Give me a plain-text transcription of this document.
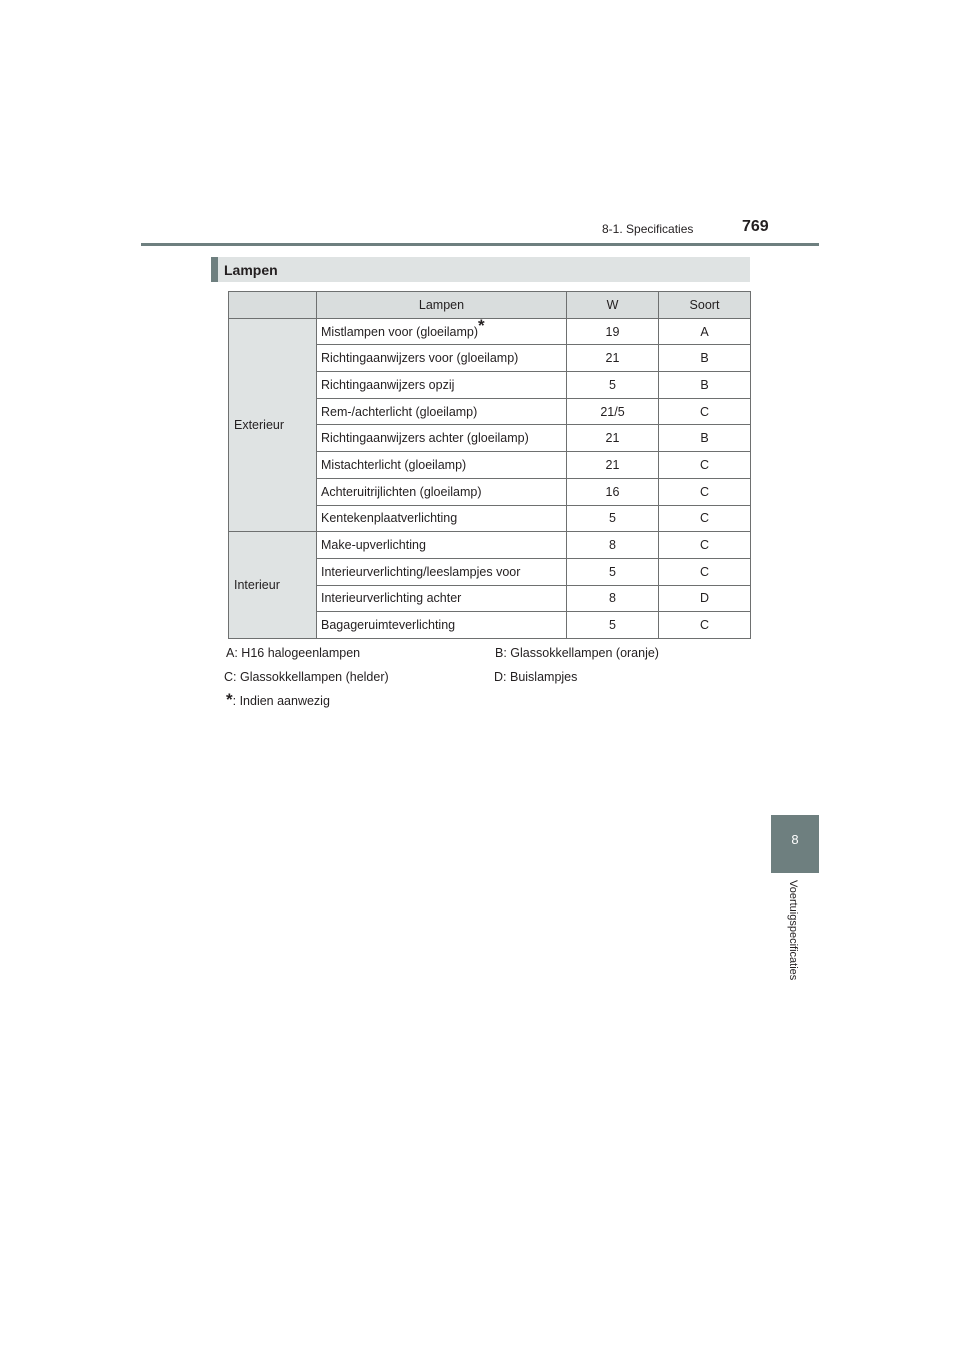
8-1. Specificaties	769
Lampen
	Lampen	W	Soort
Exterieur	Mistlampen voor (gloeilamp)*	19	A
	Richtingaanwijzers voor (gloeilamp)	21	B
	Richtingaanwijzers opzij	5	B
	Rem-/achterlicht (gloeilamp)	21/5	C
	Richtingaanwijzers achter (gloeilamp)	21	B
	Mistachterlicht (gloeilamp)	21	C
	Achteruitrijlichten (gloeilamp)	16	C
	Kentekenplaatverlichting	5	C
Interieur	Make-upverlichting	8	C
	Interieurverlichting/leeslampjes voor	5	C
	Interieurverlichting achter	8	D
	Bagageruimteverlichting	5	C
A: H16 halogeenlampen	B: Glassokkellampen (oranje)
C: Glassokkellampen (helder)	D: Buislampjes
*: Indien aanwezig
8
Voertuigspecificaties
